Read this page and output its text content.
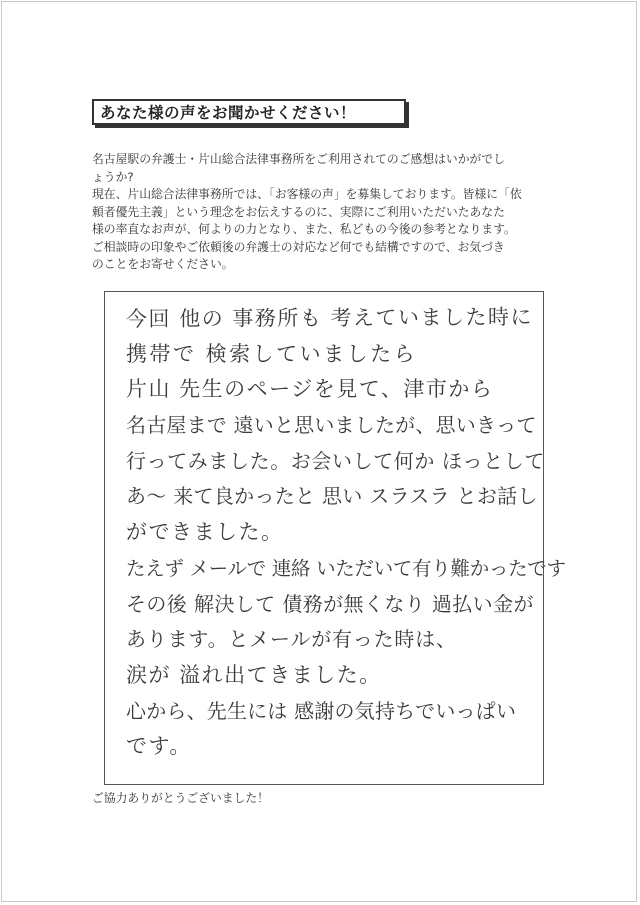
あなた様の声をお聞かせください！

名古屋駅の弁護士・片山総合法律事務所をご利用されてのご感想はいかがでし

ょうか?

現在、片山総合法律事務所では、「お客様の声」を募集しております。皆様に「依

頼者優先主義」という理念をお伝えするのに、実際にご利用いただいたあなた

様の率直なお声が、何よりの力となり、また、私どもの今後の参考となります。

ご相談時の印象やご依頼後の弁護士の対応など何でも結構ですので、お気づき

のことをお寄せください。

今回 他の 事務所も 考えていました時に
携帯で 検索していましたら
片山 先生のページを見て、津市から
名古屋まで 遠いと思いましたが、思いきって
行ってみました。お会いして何か ほっとして
あ～ 来て良かったと 思い スラスラ とお話し
ができました。
たえず メールで 連絡 いただいて有り難かったです
その後 解決して 債務が無くなり 過払い金が
あります。とメールが有った時は、
涙が 溢れ出てきました。
心から、先生には 感謝の気持ちでいっぱい
です。
ご協力ありがとうございました！
